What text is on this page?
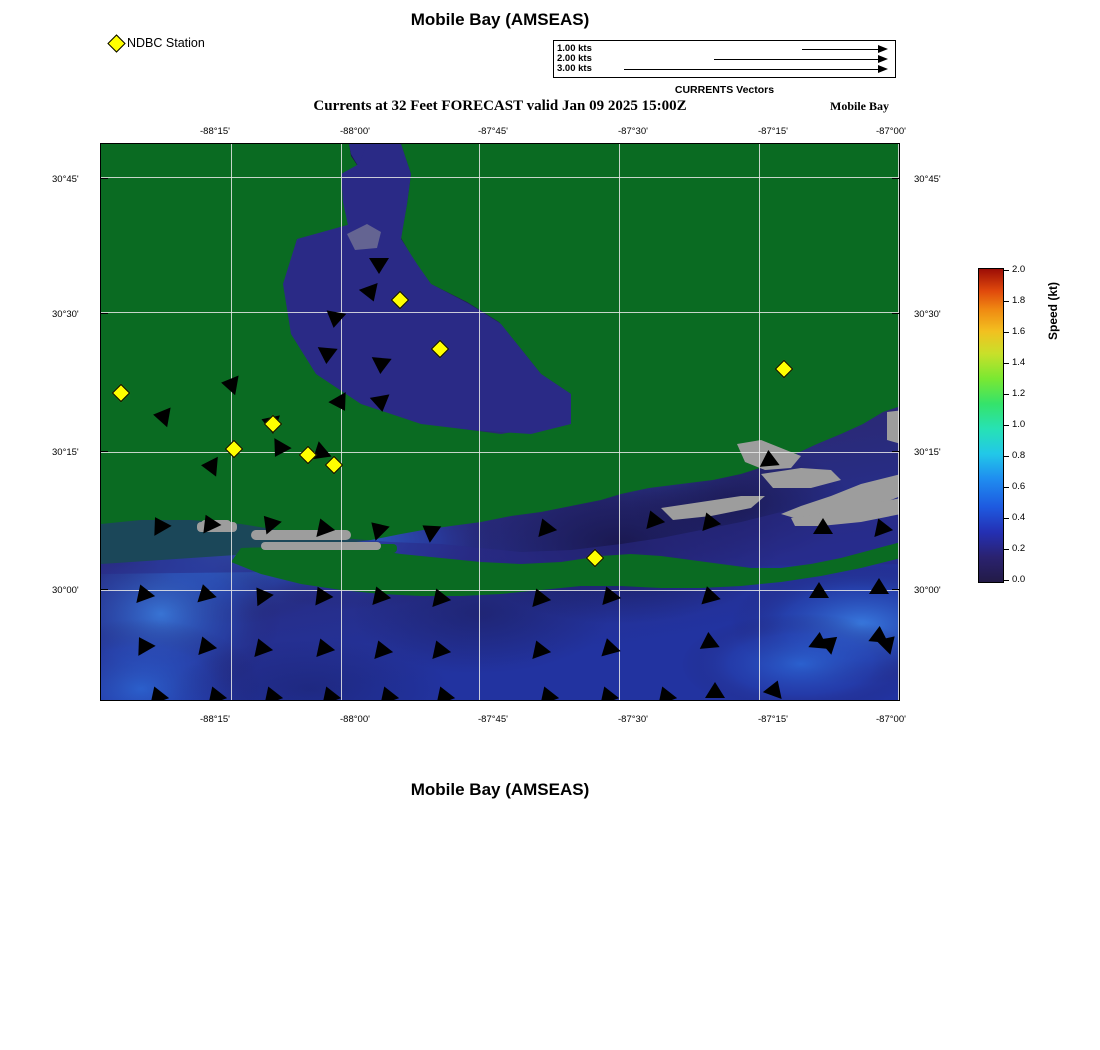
Mobile Bay (AMSEAS)
Currents at 32 Feet FORECAST valid Jan 09 2025 15:00Z	Mobile Bay
Mobile Bay (AMSEAS)
NDBC Station	1.00 kts
2.00 kts
3.00 kts
CURRENTS Vectors
-88°15'	-88°00'	-87°45'	-87°30'	-87°15'	-87°00'
-88°15'	-88°00'	-87°45'	-87°30'	-87°15'	-87°00'
30°45'
30°30'
30°15'
30°00'
30°45'
30°30'
30°15'
30°00'
2.0
1.8
1.6
1.4
1.2
1.0
0.8
0.6
0.4
0.2
0.0
Speed (kt)
